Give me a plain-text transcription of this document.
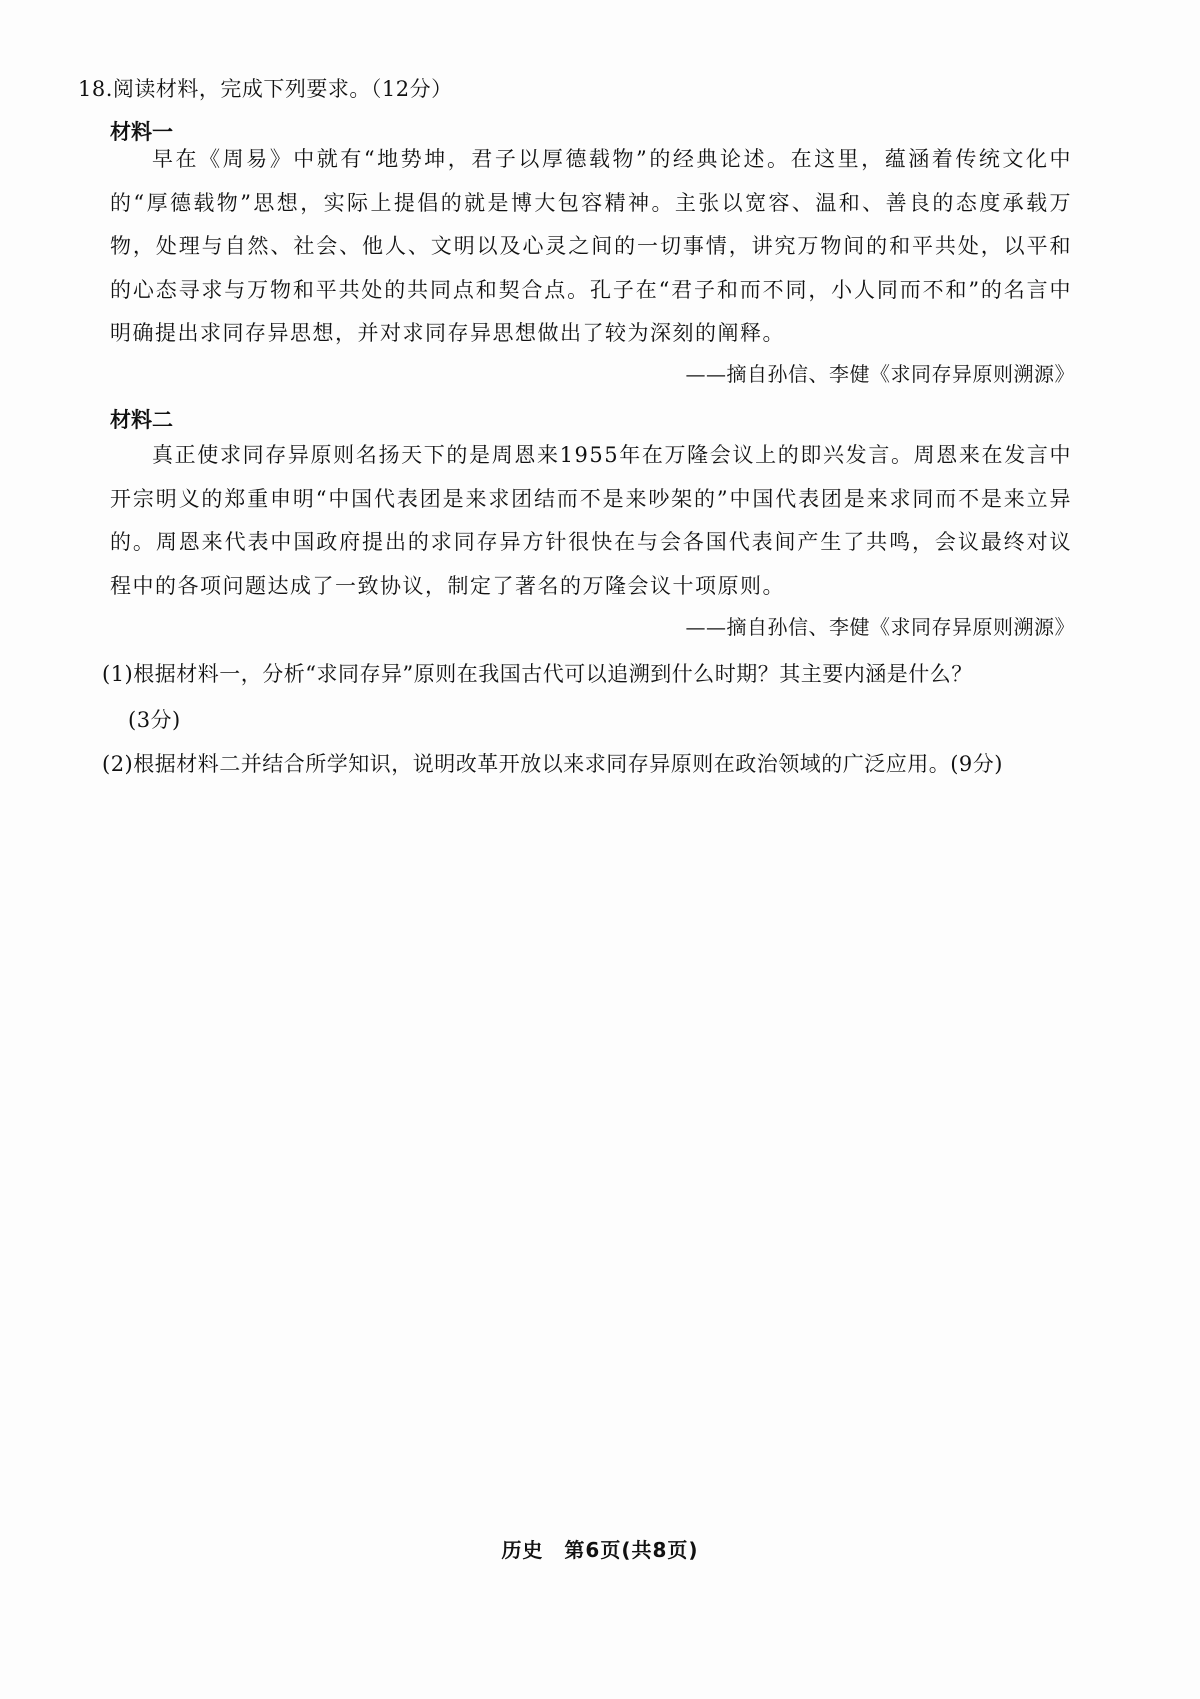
18.阅读材料，完成下列要求。（12分）
材料一

早在《周易》中就有“地势坤，君子以厚德载物”的经典论述。在这里，蕴涵着传统文化中的“厚德载物”思想，实际上提倡的就是博大包容精神。主张以宽容、温和、善良的态度承载万物，处理与自然、社会、他人、文明以及心灵之间的一切事情，讲究万物间的和平共处，以平和的心态寻求与万物和平共处的共同点和契合点。孔子在“君子和而不同，小人同而不和”的名言中明确提出求同存异思想，并对求同存异思想做出了较为深刻的阐释。

——摘自孙信、李健《求同存异原则溯源》
材料二

真正使求同存异原则名扬天下的是周恩来1955年在万隆会议上的即兴发言。周恩来在发言中开宗明义的郑重申明“中国代表团是来求团结而不是来吵架的”中国代表团是来求同而不是来立异的。周恩来代表中国政府提出的求同存异方针很快在与会各国代表间产生了共鸣，会议最终对议程中的各项问题达成了一致协议，制定了著名的万隆会议十项原则。

——摘自孙信、李健《求同存异原则溯源》

(1)根据材料一，分析“求同存异”原则在我国古代可以追溯到什么时期？其主要内涵是什么？
(3分)

(2)根据材料二并结合所学知识，说明改革开放以来求同存异原则在政治领域的广泛应用。(9分)

历史　第6页(共8页)
